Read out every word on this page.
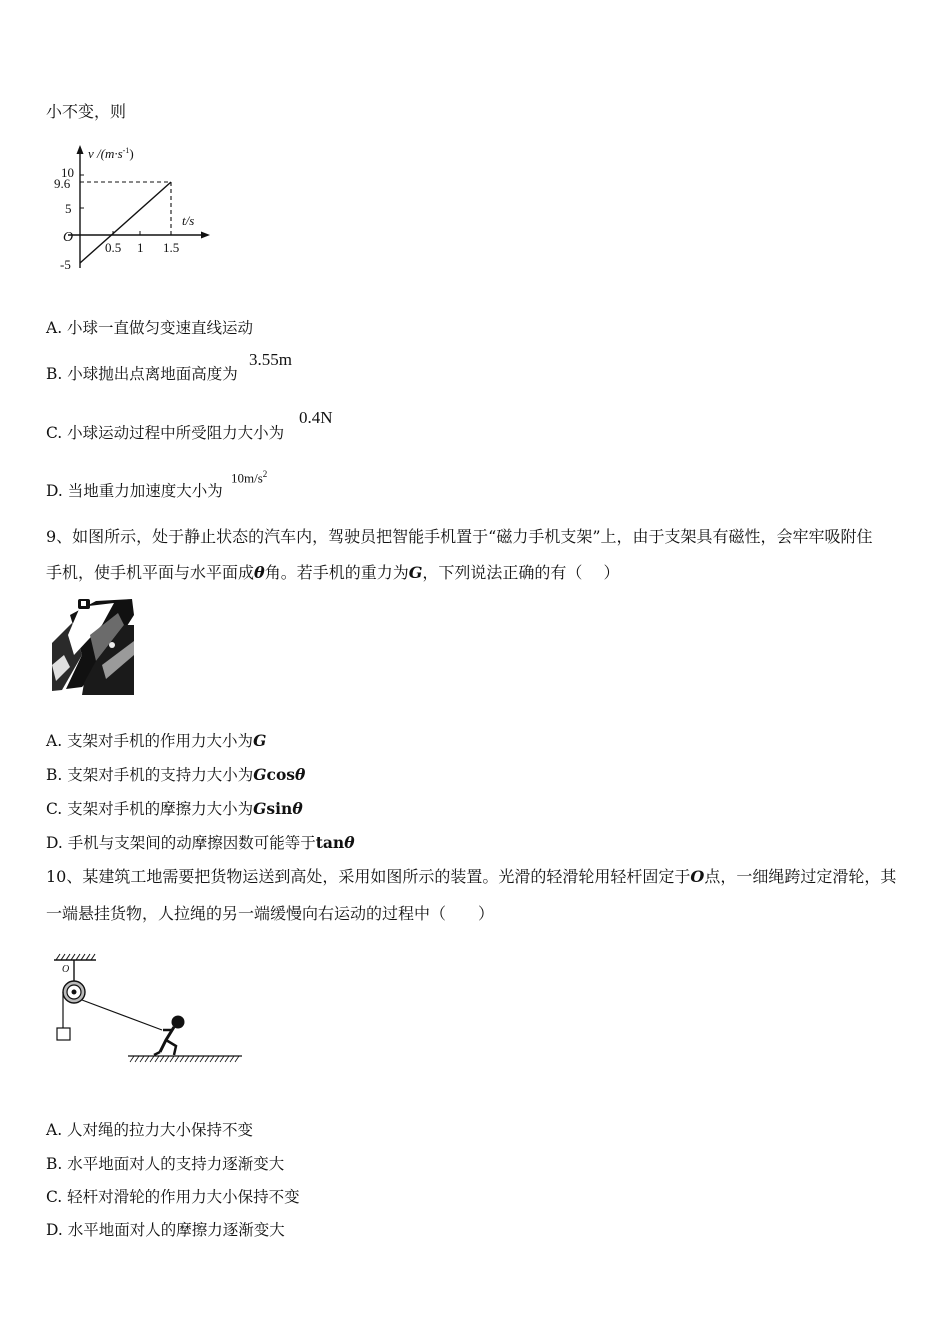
小不变，则
v $/(m\cdot s^{-1})$
10
9.6
5
O
-5
0.5 1 1.5
t/s
A. 小球一直做匀变速直线运动
B. 小球抛出点离地面高度为
3.55m
C. 小球运动过程中所受阻力大小为
0.4N
D. 当地重力加速度大小为
$10m/s^2$
9、如图所示，处于静止状态的汽车内，驾驶员把智能手机置于“磁力手机支架”上，由于支架具有磁性，会牢牢吸附住
手机，使手机平面与水平面成θ角。若手机的重力为G，下列说法正确的有（　 ）
A. 支架对手机的作用力大小为G
B. 支架对手机的支持力大小为Gcosθ
C. 支架对手机的摩擦力大小为Gsinθ
D. 手机与支架间的动摩擦因数可能等于tanθ
10、某建筑工地需要把货物运送到高处，采用如图所示的装置。光滑的轻滑轮用轻杆固定于O点，一细绳跨过定滑轮，其
一端悬挂货物，人拉绳的另一端缓慢向右运动的过程中（　　）
O
A. 人对绳的拉力大小保持不变
B. 水平地面对人的支持力逐渐变大
C. 轻杆对滑轮的作用力大小保持不变
D. 水平地面对人的摩擦力逐渐变大
